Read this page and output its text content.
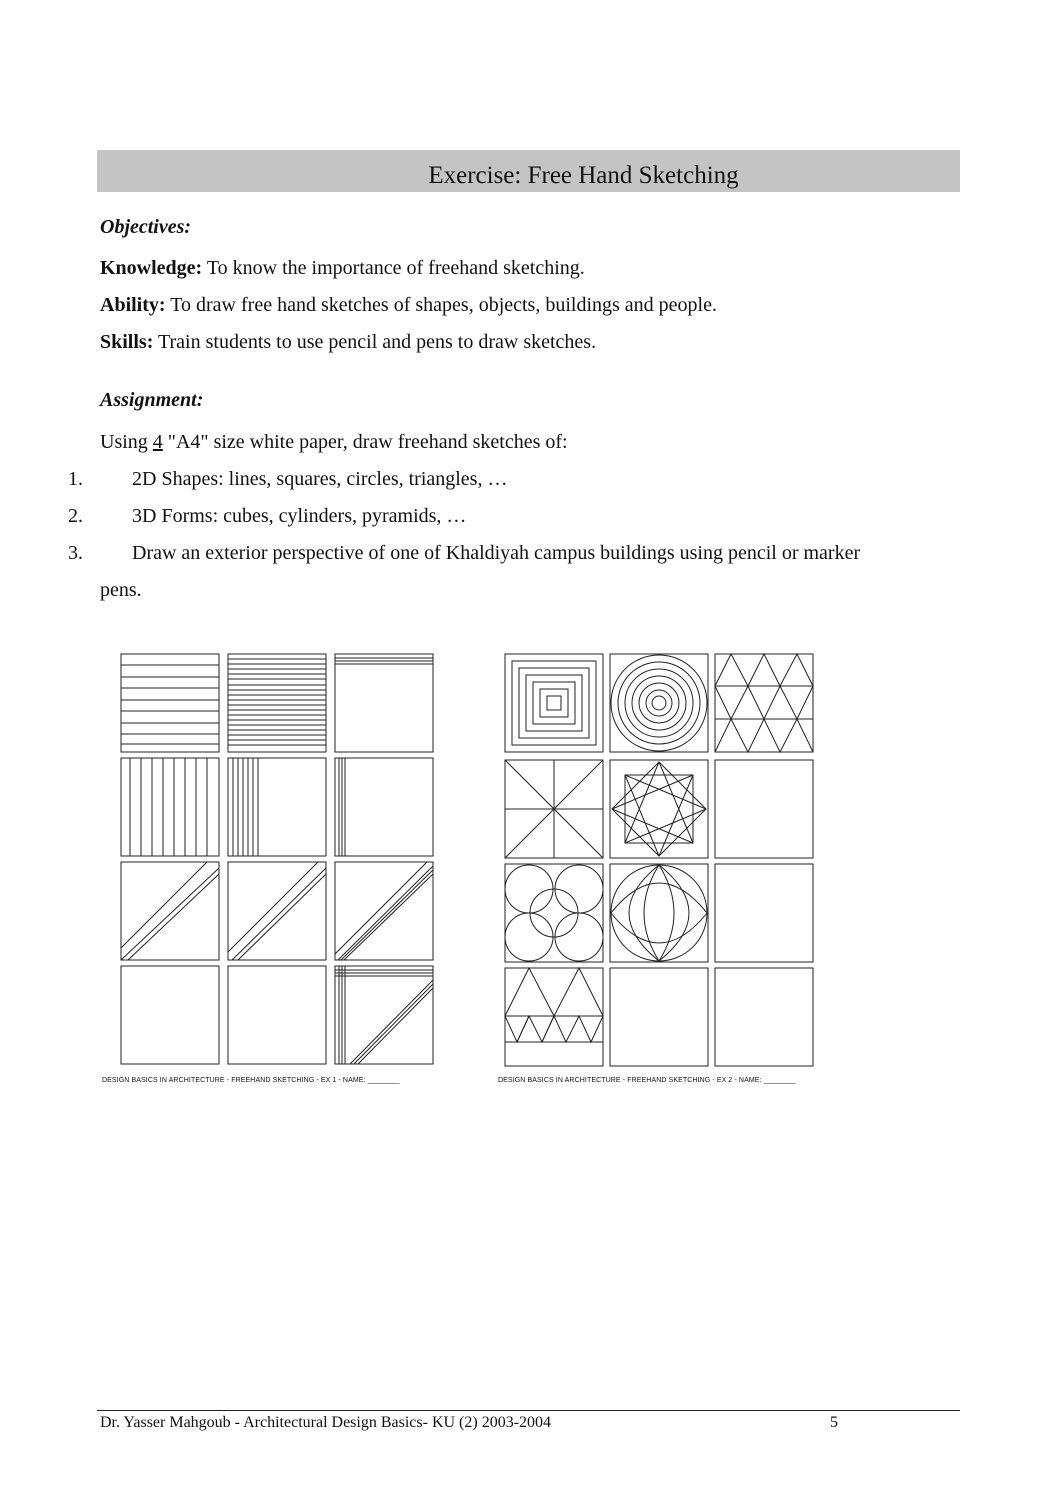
Exercise: Free Hand Sketching
Objectives:
Knowledge: To know the importance of freehand sketching.
Ability: To draw free hand sketches of shapes, objects, buildings and people.
Skills: Train students to use pencil and pens to draw sketches.
Assignment:
Using 4 "A4" size white paper, draw freehand sketches of:
1. 2D Shapes: lines, squares, circles, triangles, …
2. 3D Forms: cubes, cylinders, pyramids, …
3. Draw an exterior perspective of one of Khaldiyah campus buildings using pencil or marker
pens.
DESIGN BASICS IN ARCHITECTURE - FREEHAND SKETCHING - EX 1 - NAME: ________	DESIGN BASICS IN ARCHITECTURE - FREEHAND SKETCHING - EX 2 - NAME: ________
Dr. Yasser Mahgoub - Architectural Design Basics- KU (2) 2003-2004	5
